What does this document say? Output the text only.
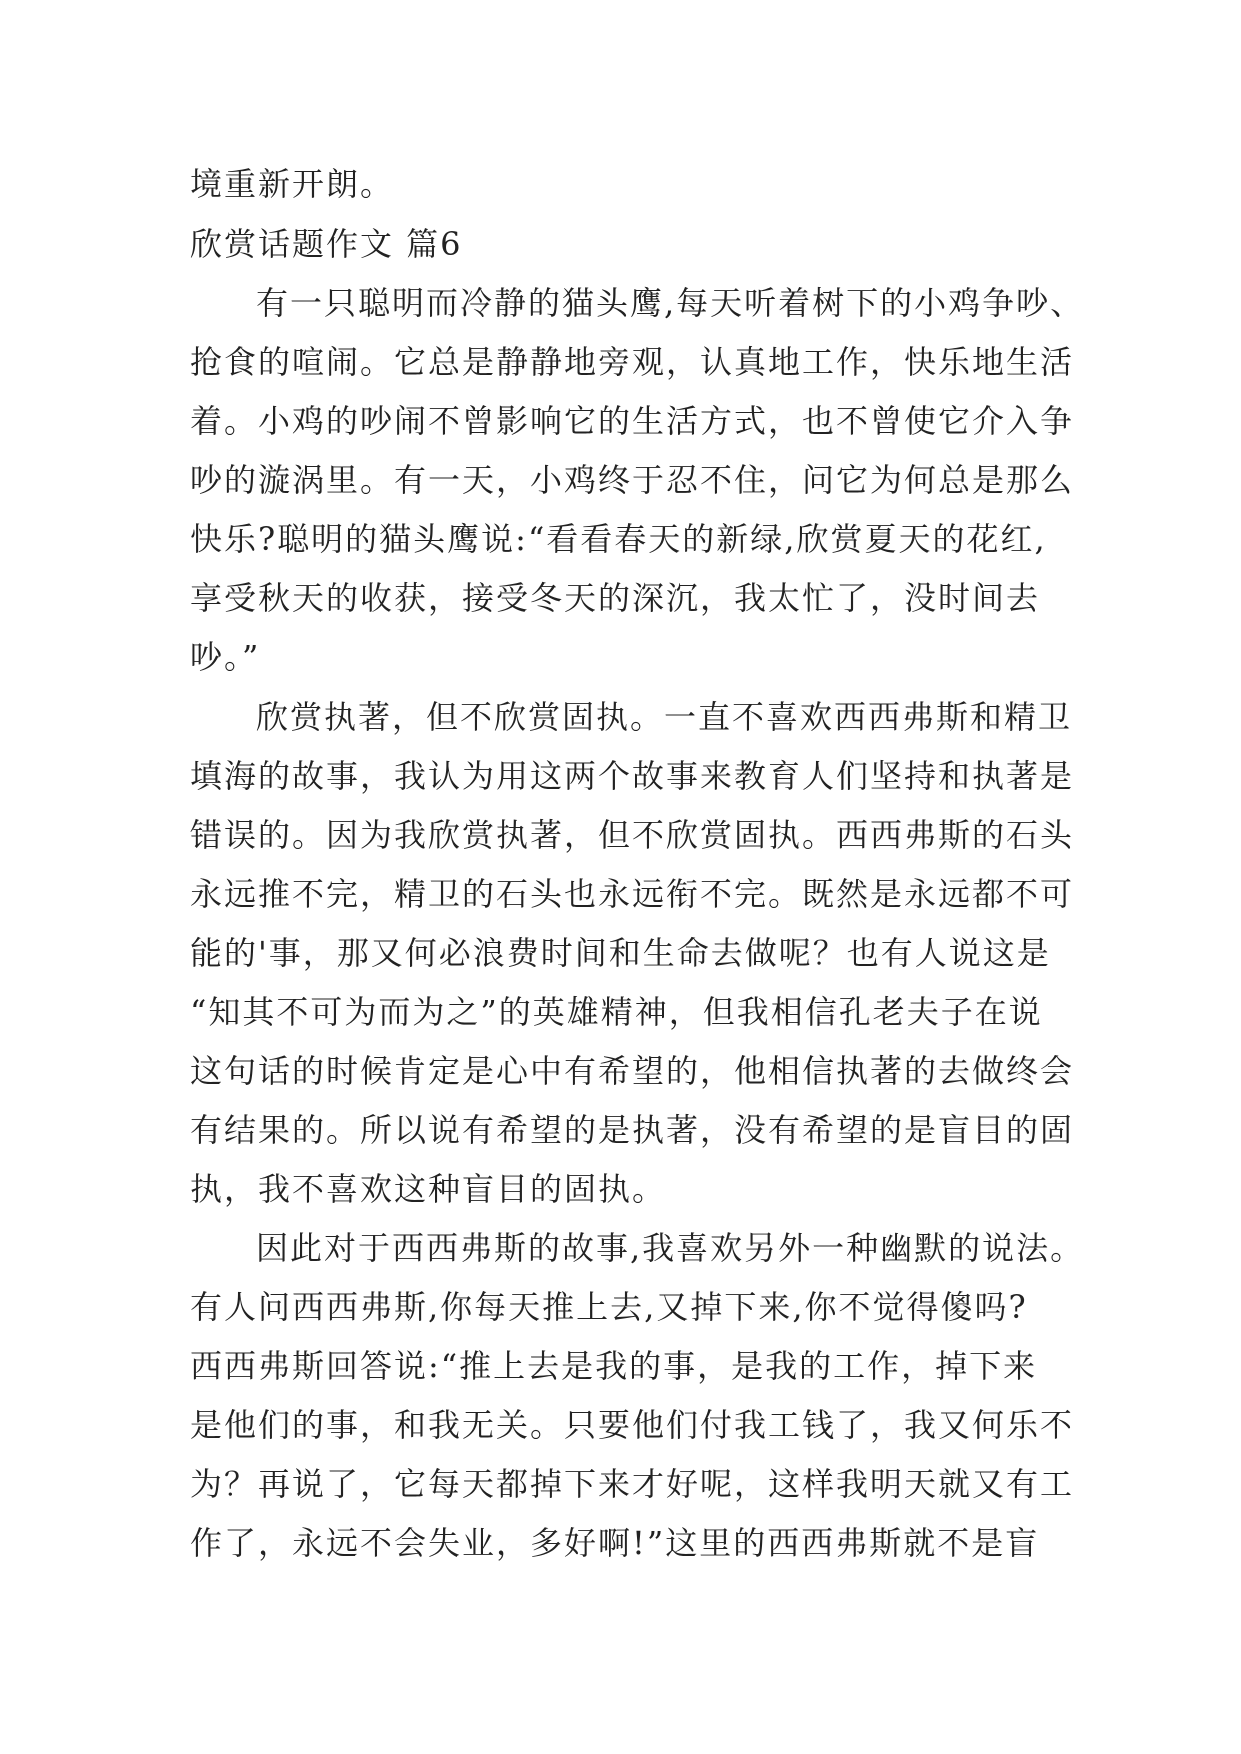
境重新开朗。
欣赏话题作文 篇6
有一只聪明而冷静的猫头鹰,每天听着树下的小鸡争吵、
抢食的喧闹。它总是静静地旁观，认真地工作，快乐地生活
着。小鸡的吵闹不曾影响它的生活方式，也不曾使它介入争
吵的漩涡里。有一天，小鸡终于忍不住，问它为何总是那么
快乐?聪明的猫头鹰说:“看看春天的新绿,欣赏夏天的花红,
享受秋天的收获，接受冬天的深沉，我太忙了，没时间去
吵。”
欣赏执著，但不欣赏固执。一直不喜欢西西弗斯和精卫
填海的故事，我认为用这两个故事来教育人们坚持和执著是
错误的。因为我欣赏执著，但不欣赏固执。西西弗斯的石头
永远推不完，精卫的石头也永远衔不完。既然是永远都不可
能的'事，那又何必浪费时间和生命去做呢？也有人说这是
“知其不可为而为之”的英雄精神，但我相信孔老夫子在说
这句话的时候肯定是心中有希望的，他相信执著的去做终会
有结果的。所以说有希望的是执著，没有希望的是盲目的固
执，我不喜欢这种盲目的固执。
因此对于西西弗斯的故事,我喜欢另外一种幽默的说法。
有人问西西弗斯,你每天推上去,又掉下来,你不觉得傻吗?
西西弗斯回答说:“推上去是我的事，是我的工作，掉下来
是他们的事，和我无关。只要他们付我工钱了，我又何乐不
为？再说了，它每天都掉下来才好呢，这样我明天就又有工
作了，永远不会失业，多好啊!”这里的西西弗斯就不是盲
